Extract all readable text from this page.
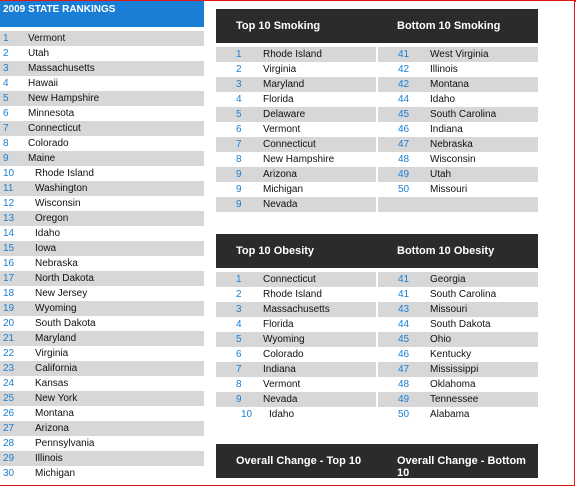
2009 STATE RANKINGS
1 Vermont
2 Utah
3 Massachusetts
4 Hawaii
5 New Hampshire
6 Minnesota
7 Connecticut
8 Colorado
9 Maine
10 Rhode Island
11 Washington
12 Wisconsin
13 Oregon
14 Idaho
15 Iowa
16 Nebraska
17 North Dakota
18 New Jersey
19 Wyoming
20 South Dakota
21 Maryland
22 Virginia
23 California
24 Kansas
25 New York
26 Montana
27 Arizona
28 Pennsylvania
29 Illinois
30 Michigan
Top 10 Smoking	Bottom 10 Smoking
1 Rhode Island	41 West Virginia
2 Virginia	42 Illinois
3 Maryland	42 Montana
4 Florida	44 Idaho
5 Delaware	45 South Carolina
6 Vermont	46 Indiana
7 Connecticut	47 Nebraska
8 New Hampshire	48 Wisconsin
9 Arizona	49 Utah
9 Michigan	50 Missouri
9 Nevada
Top 10 Obesity	Bottom 10 Obesity
1 Connecticut	41 Georgia
2 Rhode Island	41 South Carolina
3 Massachusetts	43 Missouri
4 Florida	44 South Dakota
5 Wyoming	45 Ohio
6 Colorado	46 Kentucky
7 Indiana	47 Mississippi
8 Vermont	48 Oklahoma
9 Nevada	49 Tennessee
10 Idaho	50 Alabama
Overall Change - Top 10	Overall Change - Bottom 10
